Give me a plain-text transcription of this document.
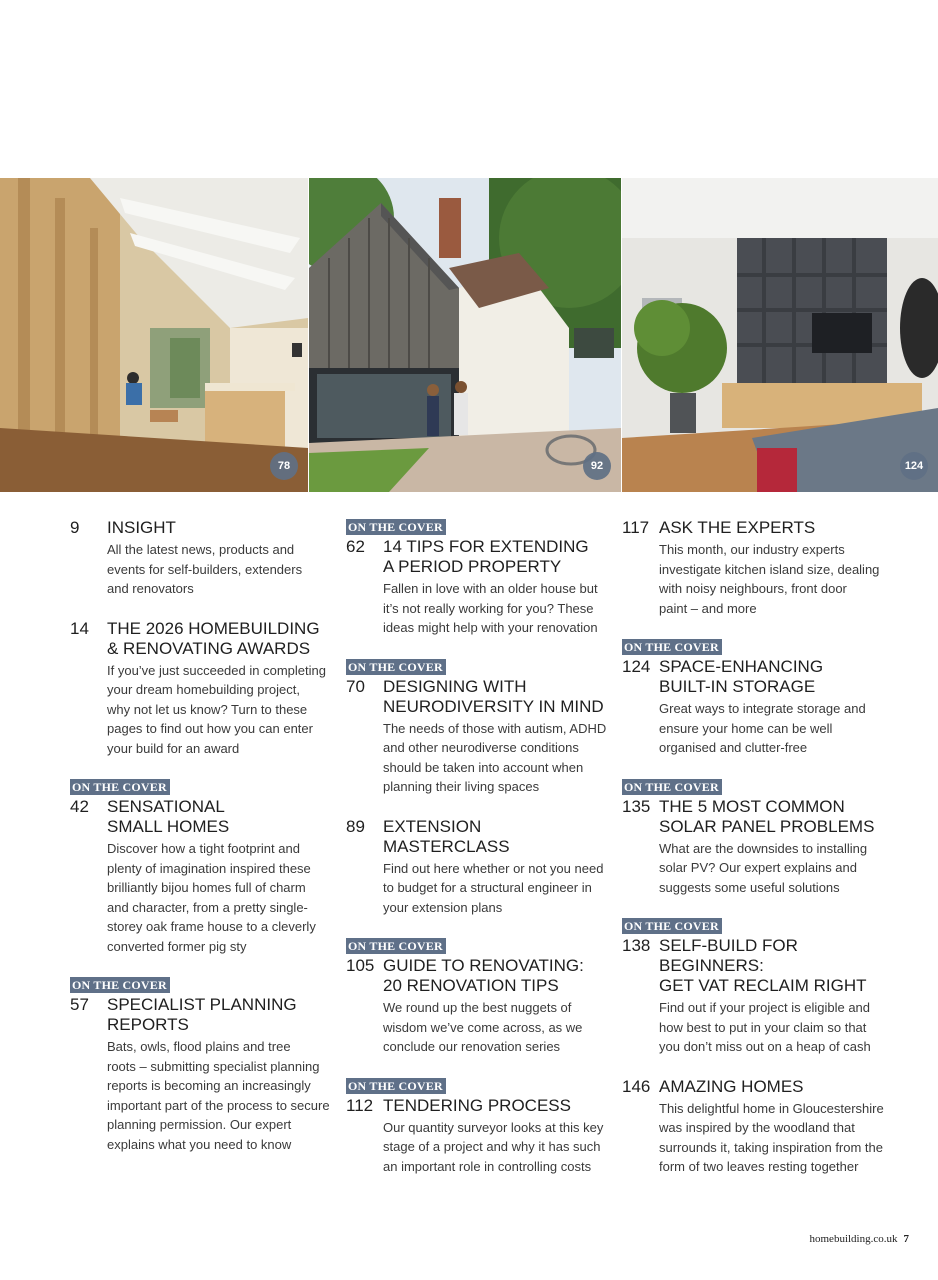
78	92	124
9	INSIGHT
All the latest news, products and
events for self-builders, extenders
and renovators
14	THE 2026 HOMEBUILDING
& RENOVATING AWARDS
If you’ve just succeeded in completing
your dream homebuilding project,
why not let us know? Turn to these
pages to find out how you can enter
your build for an award
ON THE COVER
42	SENSATIONAL
SMALL HOMES
Discover how a tight footprint and
plenty of imagination inspired these
brilliantly bijou homes full of charm
and character, from a pretty single-
storey oak frame house to a cleverly
converted former pig sty
ON THE COVER
57	SPECIALIST PLANNING
REPORTS
Bats, owls, flood plains and tree
roots – submitting specialist planning
reports is becoming an increasingly
important part of the process to secure
planning permission. Our expert
explains what you need to know
ON THE COVER
62	14 TIPS FOR EXTENDING
A PERIOD PROPERTY
Fallen in love with an older house but
it’s not really working for you? These
ideas might help with your renovation
ON THE COVER
70	DESIGNING WITH
NEURODIVERSITY IN MIND
The needs of those with autism, ADHD
and other neurodiverse conditions
should be taken into account when
planning their living spaces
89	EXTENSION MASTERCLASS
Find out here whether or not you need
to budget for a structural engineer in
your extension plans
ON THE COVER
105 GUIDE TO RENOVATING:
20 RENOVATION TIPS
We round up the best nuggets of
wisdom we’ve come across, as we
conclude our renovation series
ON THE COVER
112 TENDERING PROCESS
Our quantity surveyor looks at this key
stage of a project and why it has such
an important role in controlling costs
117 ASK THE EXPERTS
This month, our industry experts
investigate kitchen island size, dealing
with noisy neighbours, front door
paint – and more
ON THE COVER
124 SPACE-ENHANCING
BUILT-IN STORAGE
Great ways to integrate storage and
ensure your home can be well
organised and clutter-free
ON THE COVER
135 THE 5 MOST COMMON
SOLAR PANEL PROBLEMS
What are the downsides to installing
solar PV? Our expert explains and
suggests some useful solutions
ON THE COVER
138 SELF-BUILD FOR BEGINNERS:
GET VAT RECLAIM RIGHT
Find out if your project is eligible and
how best to put in your claim so that
you don’t miss out on a heap of cash
146 AMAZING HOMES
This delightful home in Gloucestershire
was inspired by the woodland that
surrounds it, taking inspiration from the
form of two leaves resting together
homebuilding.co.uk 7
